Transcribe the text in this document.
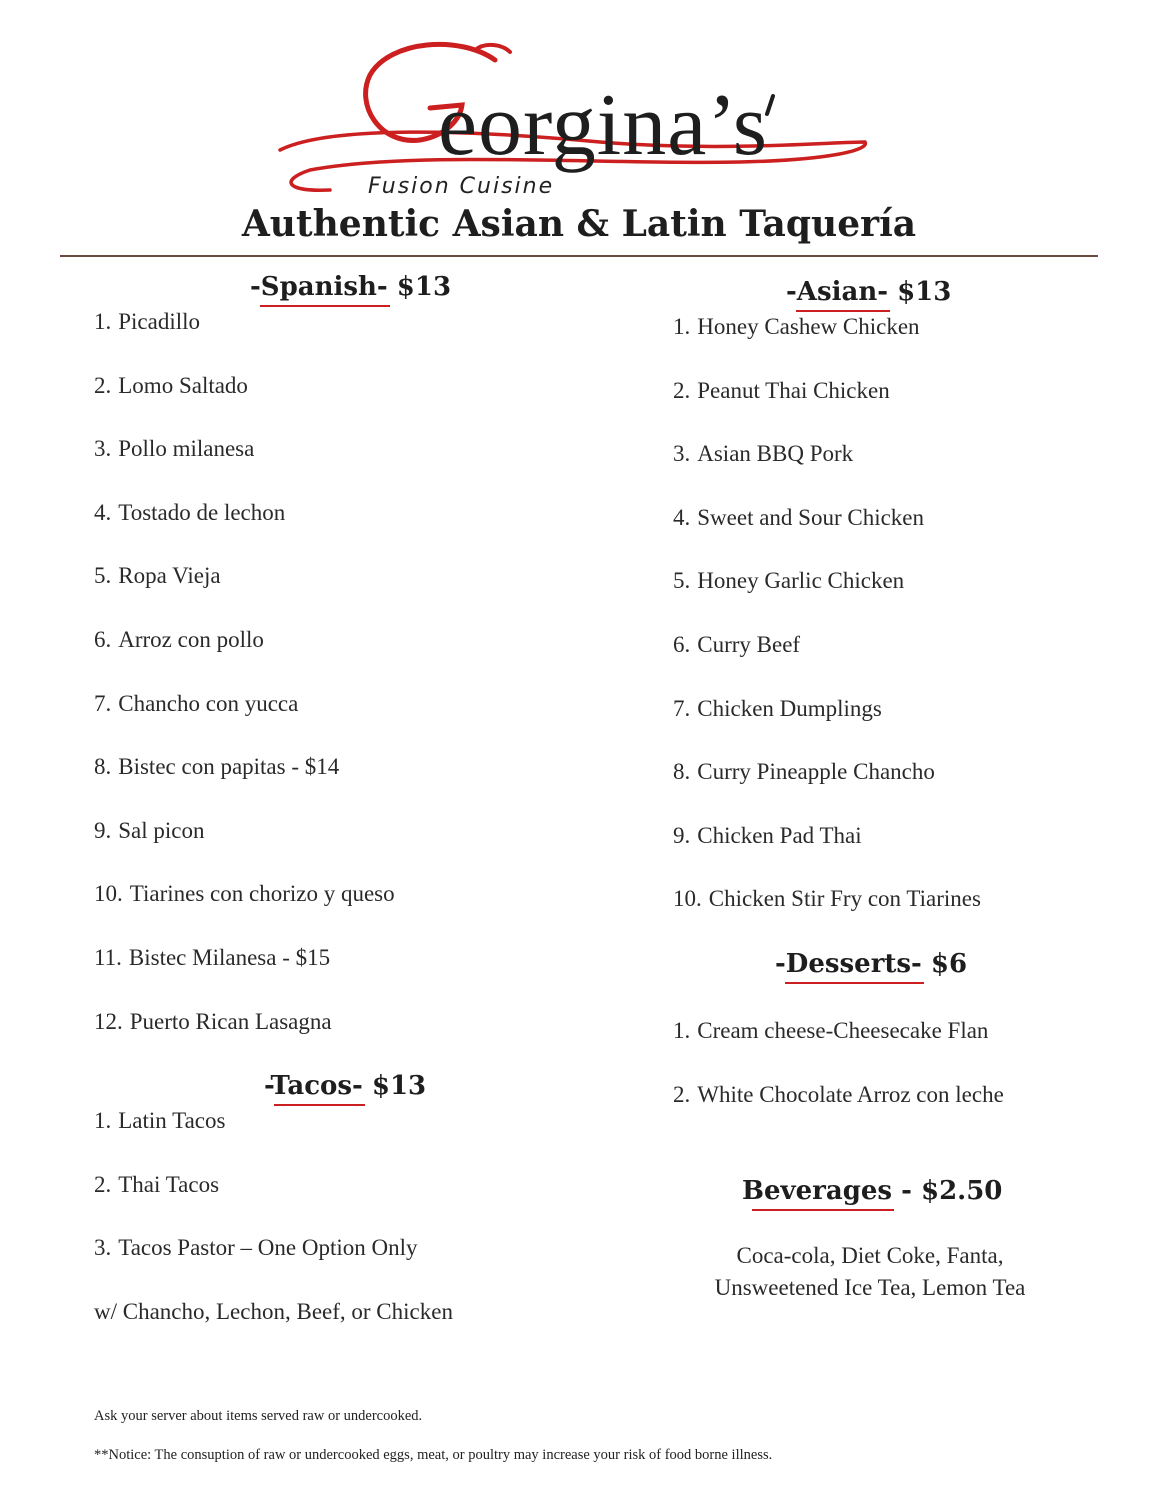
eorgina’s
Fusion Cuisine
Authentic Asian & Latin Taquería
-Spanish- $13
1. Picadillo
2. Lomo Saltado
3. Pollo milanesa
4. Tostado de lechon
5. Ropa Vieja
6. Arroz con pollo
7. Chancho con yucca
8. Bistec con papitas - $14
9. Sal picon
10. Tiarines con chorizo y queso
11. Bistec Milanesa - $15
12. Puerto Rican Lasagna
-Tacos- $13
1. Latin Tacos
2. Thai Tacos
3. Tacos Pastor – One Option Only
w/ Chancho, Lechon, Beef, or Chicken
-Asian- $13
1. Honey Cashew Chicken
2. Peanut Thai Chicken
3. Asian BBQ Pork
4. Sweet and Sour Chicken
5. Honey Garlic Chicken
6. Curry Beef
7. Chicken Dumplings
8. Curry Pineapple Chancho
9. Chicken Pad Thai
10. Chicken Stir Fry con Tiarines
-Desserts- $6
1. Cream cheese-Cheesecake Flan
2. White Chocolate Arroz con leche
Beverages - $2.50

Coca-cola, Diet Coke, Fanta,
Unsweetened Ice Tea, Lemon Tea

Ask your server about items served raw or undercooked.

**Notice: The consuption of raw or undercooked eggs, meat, or poultry may increase your risk of food borne illness.
